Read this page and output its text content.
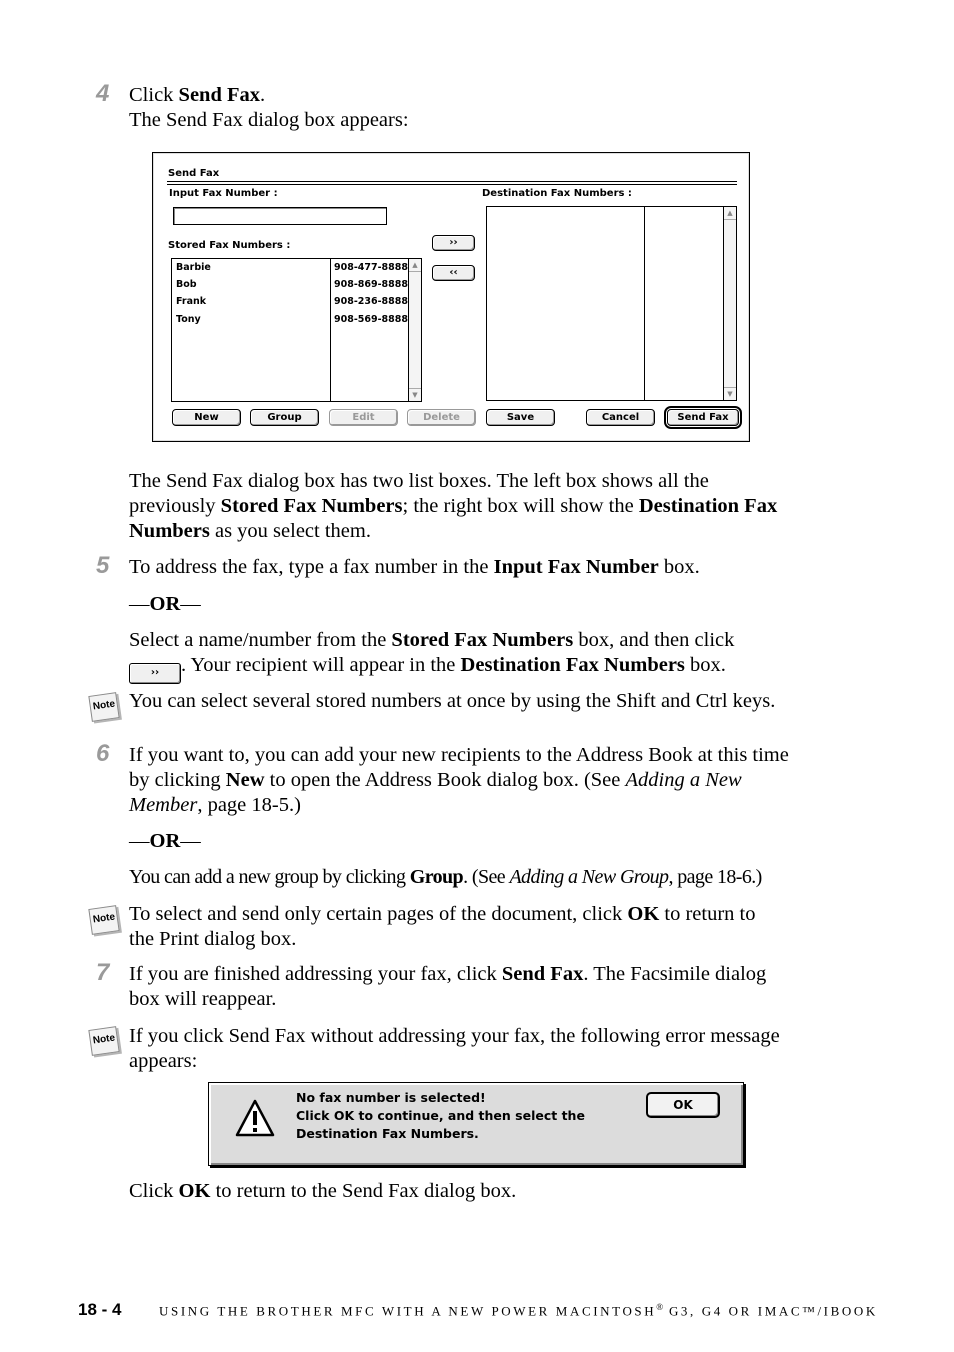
4 Click Send Fax.
The Send Fax dialog box appears:
Send Fax
Input Fax Number :
Stored Fax Numbers :
Destination Fax Numbers :
▲
▼
Barbie	908-477-8888
Bob	908-869-8888
Frank	908-236-8888
Tony	908-569-8888
››
‹‹
▲
▼
New	Group	Edit	Delete	Save	Cancel	Send Fax
The Send Fax dialog box has two list boxes. The left box shows all the
previously Stored Fax Numbers; the right box will show the Destination Fax
Numbers as you select them.
5 To address the fax, type a fax number in the Input Fax Number box.
—OR—
Select a name/number from the Stored Fax Numbers box, and then click
›› . Your recipient will appear in the Destination Fax Numbers box.
Note You can select several stored numbers at once by using the Shift and Ctrl keys.
6 If you want to, you can add your new recipients to the Address Book at this time
by clicking New to open the Address Book dialog box. (See Adding a New
Member, page 18-5.)
—OR—
You can add a new group by clicking Group. (See Adding a New Group, page 18-6.)
Note To select and send only certain pages of the document, click OK to return to
the Print dialog box.
7 If you are finished addressing your fax, click Send Fax. The Facsimile dialog
box will reappear.
Note If you click Send Fax without addressing your fax, the following error message
appears:
No fax number is selected!
Click OK to continue, and then select the
Destination Fax Numbers.
OK
Click OK to return to the Send Fax dialog box.
18 - 4	USING THE BROTHER MFC WITH A NEW POWER MACINTOSH® G3, G4 OR IMAC™/IBOOK
